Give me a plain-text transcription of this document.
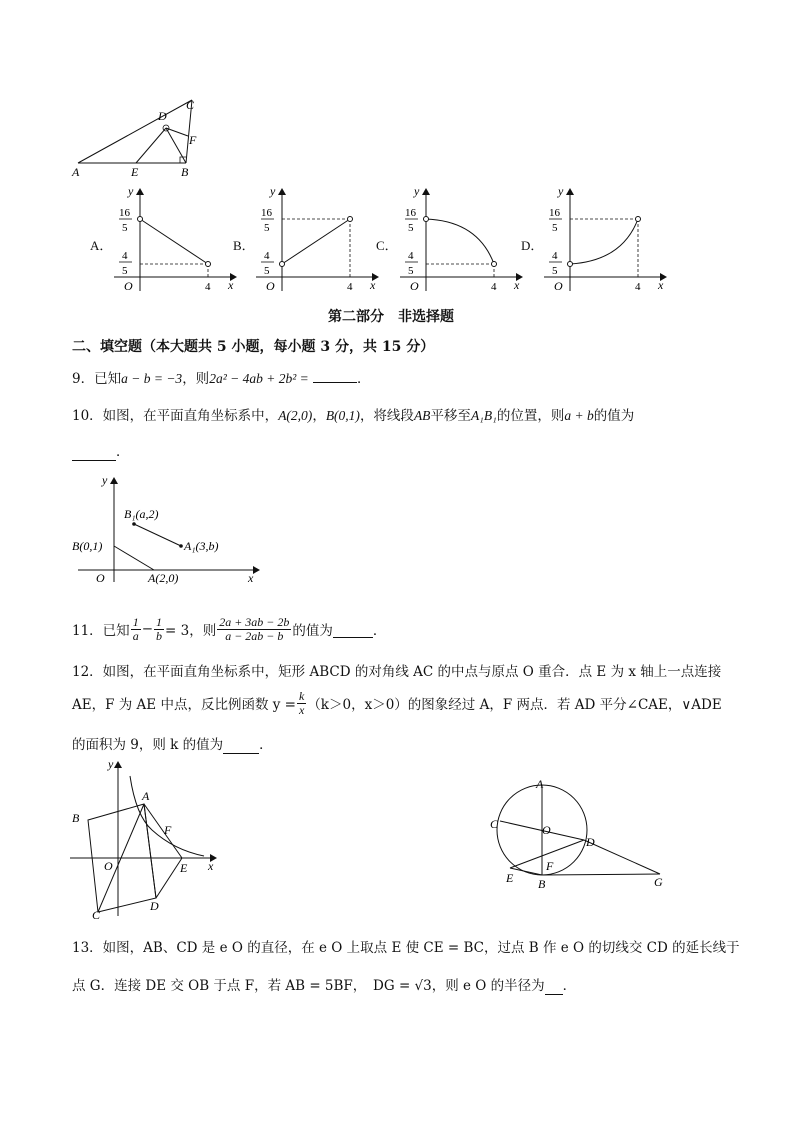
A	E	B
C
D
F
A．
y
x
O
16
5
4
5
4
B．
y
x
O
16
5
4
5
4
C．
y
x
O
16
5
4
5
4
D．
y
x
O
16
5
4
5
4
第二部分　非选择题
二、填空题（本大题共 5 小题，每小题 3 分，共 15 分）
9．已知a − b = −3，则2a² − 4ab + 2b² =	．
10．如图，在平面直角坐标系中，A(2,0)，B(0,1)，将线段AB平移至A₁B₁的位置，则a + b的值为
．
y
x
O
B(0,1)
A(2,0)
B₁(a,2)
A₁(3,b)
11．已知 $\frac{1}{a} - \frac{1}{b} = 3$，则 $\frac{2a + 3ab - 2b}{a - 2ab - b}$ 的值为	．
12．如图，在平面直角坐标系中，矩形 ABCD 的对角线 AC 的中点与原点 O 重合．点 E 为 x 轴上一点连接
AE，F 为 AE 中点，反比例函数 $y = \frac{k}{x} (k>0$，x＞0）的图象经过 A，F 两点．若 AD 平分∠CAE，∨ADE
的面积为 9，则 k 的值为	．
y
x
O
A
B
C
D
E
F
A
C	O
D
F
E B	G
13．如图，AB、CD 是 e O 的直径，在 e O 上取点 E 使 CE = BC，过点 B 作 e O 的切线交 CD 的延长线于
点 G．连接 DE 交 OB 于点 F，若 AB = 5BF，　DG = √3，则 e O 的半径为 ．
